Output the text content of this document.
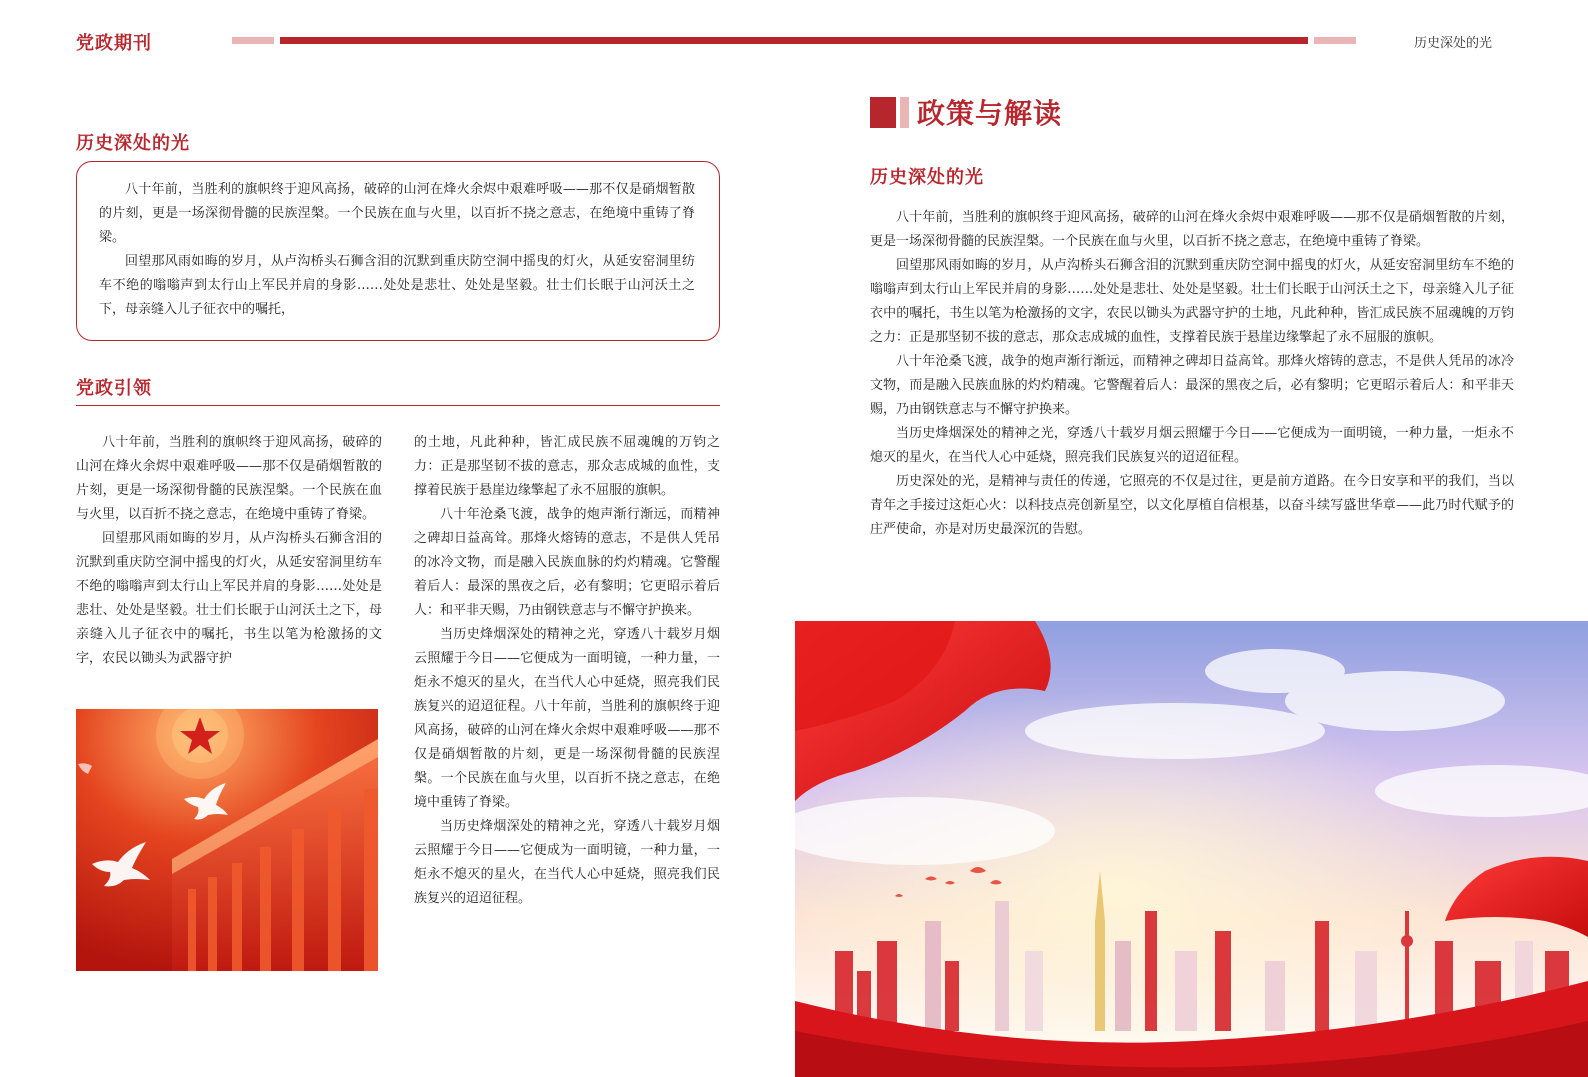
党政期刊	历史深处的光
历史深处的光

八十年前，当胜利的旗帜终于迎风高扬，破碎的山河在烽火余烬中艰难呼吸——那不仅是硝烟暂散的片刻，更是一场深彻骨髓的民族涅槃。一个民族在血与火里，以百折不挠之意志，在绝境中重铸了脊梁。

回望那风雨如晦的岁月，从卢沟桥头石狮含泪的沉默到重庆防空洞中摇曳的灯火，从延安窑洞里纺车不绝的嗡嗡声到太行山上军民并肩的身影……处处是悲壮、处处是坚毅。壮士们长眠于山河沃土之下，母亲缝入儿子征衣中的嘱托，

党政引领

八十年前，当胜利的旗帜终于迎风高扬，破碎的山河在烽火余烬中艰难呼吸——那不仅是硝烟暂散的片刻，更是一场深彻骨髓的民族涅槃。一个民族在血与火里，以百折不挠之意志，在绝境中重铸了脊梁。

回望那风雨如晦的岁月，从卢沟桥头石狮含泪的沉默到重庆防空洞中摇曳的灯火，从延安窑洞里纺车不绝的嗡嗡声到太行山上军民并肩的身影……处处是悲壮、处处是坚毅。壮士们长眠于山河沃土之下，母亲缝入儿子征衣中的嘱托，书生以笔为枪激扬的文字，农民以锄头为武器守护

的土地，凡此种种，皆汇成民族不屈魂魄的万钧之力：正是那坚韧不拔的意志，那众志成城的血性，支撑着民族于悬崖边缘擎起了永不屈服的旗帜。

八十年沧桑飞渡，战争的炮声渐行渐远，而精神之碑却日益高耸。那烽火熔铸的意志，不是供人凭吊的冰冷文物，而是融入民族血脉的灼灼精魂。它警醒着后人：最深的黑夜之后，必有黎明；它更昭示着后人：和平非天赐，乃由钢铁意志与不懈守护换来。

当历史烽烟深处的精神之光，穿透八十载岁月烟云照耀于今日——它便成为一面明镜，一种力量，一炬永不熄灭的星火，在当代人心中延烧，照亮我们民族复兴的迢迢征程。八十年前，当胜利的旗帜终于迎风高扬，破碎的山河在烽火余烬中艰难呼吸——那不仅是硝烟暂散的片刻，更是一场深彻骨髓的民族涅槃。一个民族在血与火里，以百折不挠之意志，在绝境中重铸了脊梁。

当历史烽烟深处的精神之光，穿透八十载岁月烟云照耀于今日——它便成为一面明镜，一种力量，一炬永不熄灭的星火，在当代人心中延烧，照亮我们民族复兴的迢迢征程。

政策与解读
历史深处的光

八十年前，当胜利的旗帜终于迎风高扬，破碎的山河在烽火余烬中艰难呼吸——那不仅是硝烟暂散的片刻，更是一场深彻骨髓的民族涅槃。一个民族在血与火里，以百折不挠之意志，在绝境中重铸了脊梁。

回望那风雨如晦的岁月，从卢沟桥头石狮含泪的沉默到重庆防空洞中摇曳的灯火，从延安窑洞里纺车不绝的嗡嗡声到太行山上军民并肩的身影……处处是悲壮、处处是坚毅。壮士们长眠于山河沃土之下，母亲缝入儿子征衣中的嘱托，书生以笔为枪激扬的文字，农民以锄头为武器守护的土地，凡此种种，皆汇成民族不屈魂魄的万钧之力：正是那坚韧不拔的意志，那众志成城的血性，支撑着民族于悬崖边缘擎起了永不屈服的旗帜。

八十年沧桑飞渡，战争的炮声渐行渐远，而精神之碑却日益高耸。那烽火熔铸的意志，不是供人凭吊的冰冷文物，而是融入民族血脉的灼灼精魂。它警醒着后人：最深的黑夜之后，必有黎明；它更昭示着后人：和平非天赐，乃由钢铁意志与不懈守护换来。

当历史烽烟深处的精神之光，穿透八十载岁月烟云照耀于今日——它便成为一面明镜，一种力量，一炬永不熄灭的星火，在当代人心中延烧，照亮我们民族复兴的迢迢征程。

历史深处的光，是精神与责任的传递，它照亮的不仅是过往，更是前方道路。在今日安享和平的我们，当以青年之手接过这炬心火：以科技点亮创新星空，以文化厚植自信根基，以奋斗续写盛世华章——此乃时代赋予的庄严使命，亦是对历史最深沉的告慰。
